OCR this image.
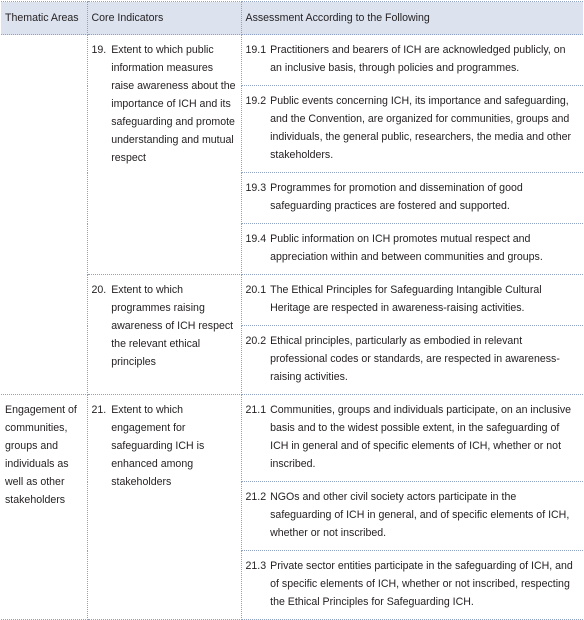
Thematic Areas	Core Indicators	Assessment According to the Following

	19. Extent to which public information measures raise awareness about the importance of ICH and its safeguarding and promote understanding and mutual respect	19.1 Practitioners and bearers of ICH are acknowledged publicly, on an inclusive basis, through policies and programmes.

		19.2 Public events concerning ICH, its importance and safeguarding, and the Convention, are organized for communities, groups and individuals, the general public, researchers, the media and other stakeholders.

		19.3 Programmes for promotion and dissemination of good safeguarding practices are fostered and supported.

		19.4 Public information on ICH promotes mutual respect and appreciation within and between communities and groups.

	20. Extent to which programmes raising awareness of ICH respect the relevant ethical principles	20.1 The Ethical Principles for Safeguarding Intangible Cultural Heritage are respected in awareness-raising activities.

		20.2 Ethical principles, particularly as embodied in relevant professional codes or standards, are respected in awareness-raising activities.

Engagement of communities, groups and individuals as well as other stakeholders	21. Extent to which engagement for safeguarding ICH is enhanced among stakeholders	21.1 Communities, groups and individuals participate, on an inclusive basis and to the widest possible extent, in the safeguarding of ICH in general and of specific elements of ICH, whether or not inscribed.

		21.2 NGOs and other civil society actors participate in the safeguarding of ICH in general, and of specific elements of ICH, whether or not inscribed.

		21.3 Private sector entities participate in the safeguarding of ICH, and of specific elements of ICH, whether or not inscribed, respecting the Ethical Principles for Safeguarding ICH.
